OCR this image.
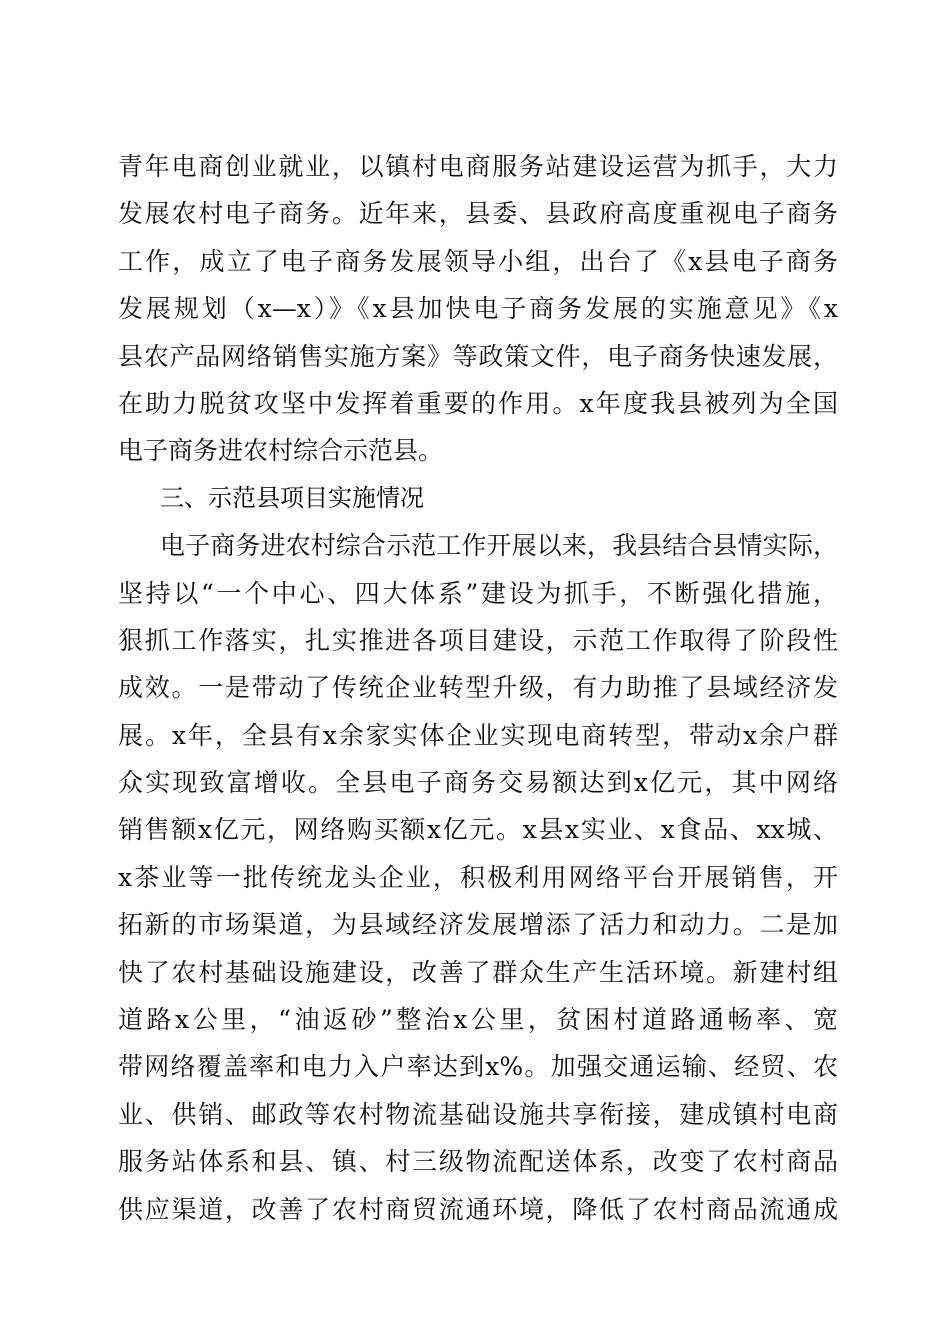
青年电商创业就业，以镇村电商服务站建设运营为抓手，大力
发展农村电子商务。近年来，县委、县政府高度重视电子商务
工作，成立了电子商务发展领导小组，出台了《x县电子商务
发展规划（x—x）》《x县加快电子商务发展的实施意见》《x
县农产品网络销售实施方案》等政策文件，电子商务快速发展，
在助力脱贫攻坚中发挥着重要的作用。x年度我县被列为全国
电子商务进农村综合示范县。
三、示范县项目实施情况
电子商务进农村综合示范工作开展以来，我县结合县情实际，
坚持以“一个中心、四大体系”建设为抓手，不断强化措施，
狠抓工作落实，扎实推进各项目建设，示范工作取得了阶段性
成效。一是带动了传统企业转型升级，有力助推了县域经济发
展。x年，全县有x余家实体企业实现电商转型，带动x余户群
众实现致富增收。全县电子商务交易额达到x亿元，其中网络
销售额x亿元，网络购买额x亿元。x县x实业、x食品、xx城、
x茶业等一批传统龙头企业，积极利用网络平台开展销售，开
拓新的市场渠道，为县域经济发展增添了活力和动力。二是加
快了农村基础设施建设，改善了群众生产生活环境。新建村组
道路x公里，“油返砂”整治x公里，贫困村道路通畅率、宽
带网络覆盖率和电力入户率达到x%。加强交通运输、经贸、农
业、供销、邮政等农村物流基础设施共享衔接，建成镇村电商
服务站体系和县、镇、村三级物流配送体系，改变了农村商品
供应渠道，改善了农村商贸流通环境，降低了农村商品流通成
